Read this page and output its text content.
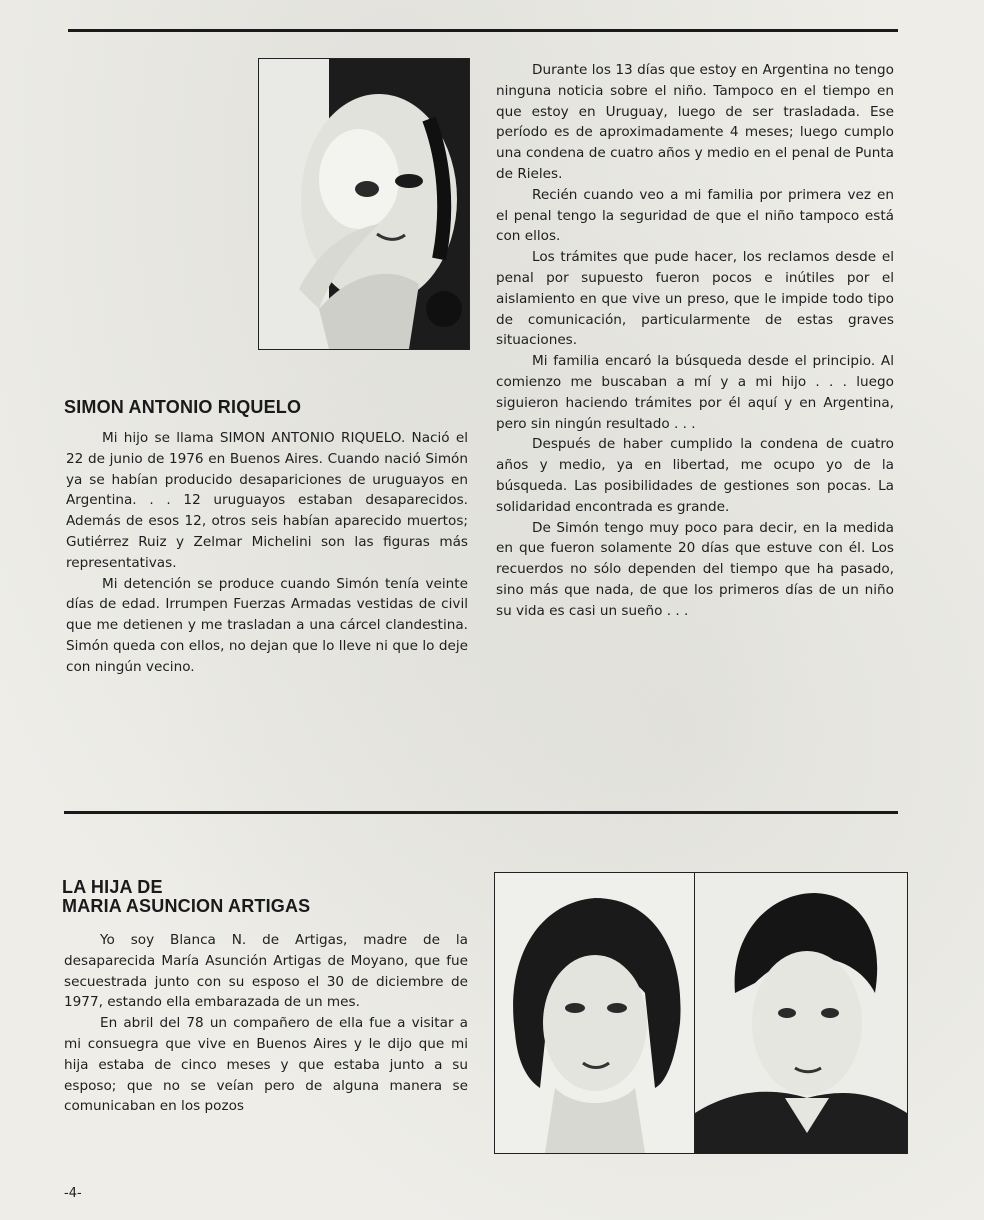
SIMON ANTONIO RIQUELO

Mi hijo se llama SIMON ANTONIO RIQUELO. Nació el 22 de junio de 1976 en Buenos Aires. Cuando nació Simón ya se habían producido desapariciones de uruguayos en Argentina. . . 12 uruguayos estaban desaparecidos. Además de esos 12, otros seis habían aparecido muertos; Gutiérrez Ruiz y Zelmar Michelini son las figuras más representativas.

Mi detención se produce cuando Simón tenía veinte días de edad. Irrumpen Fuerzas Armadas vestidas de civil que me detienen y me trasladan a una cárcel clandestina. Simón queda con ellos, no dejan que lo lleve ni que lo deje con ningún vecino.

Durante los 13 días que estoy en Argentina no tengo ninguna noticia sobre el niño. Tampoco en el tiempo en que estoy en Uruguay, luego de ser trasladada. Ese período es de aproximadamente 4 meses; luego cumplo una condena de cuatro años y medio en el penal de Punta de Rieles.

Recién cuando veo a mi familia por primera vez en el penal tengo la seguridad de que el niño tampoco está con ellos.

Los trámites que pude hacer, los reclamos desde el penal por supuesto fueron pocos e inútiles por el aislamiento en que vive un preso, que le impide todo tipo de comunicación, particularmente de estas graves situaciones.

Mi familia encaró la búsqueda desde el principio. Al comienzo me buscaban a mí y a mi hijo . . . luego siguieron haciendo trámites por él aquí y en Argentina, pero sin ningún resultado . . .

Después de haber cumplido la condena de cuatro años y medio, ya en libertad, me ocupo yo de la búsqueda. Las posibilidades de gestiones son pocas. La solidaridad encontrada es grande.

De Simón tengo muy poco para decir, en la medida en que fueron solamente 20 días que estuve con él. Los recuerdos no sólo dependen del tiempo que ha pasado, sino más que nada, de que los primeros días de un niño su vida es casi un sueño . . .

LA HIJA DE
MARIA ASUNCION ARTIGAS

Yo soy Blanca N. de Artigas, madre de la desaparecida María Asunción Artigas de Moyano, que fue secuestrada junto con su esposo el 30 de diciembre de 1977, estando ella embarazada de un mes.

En abril del 78 un compañero de ella fue a visitar a mi consuegra que vive en Buenos Aires y le dijo que mi hija estaba de cinco meses y que estaba junto a su esposo; que no se veían pero de alguna manera se comunicaban en los pozos

-4-
